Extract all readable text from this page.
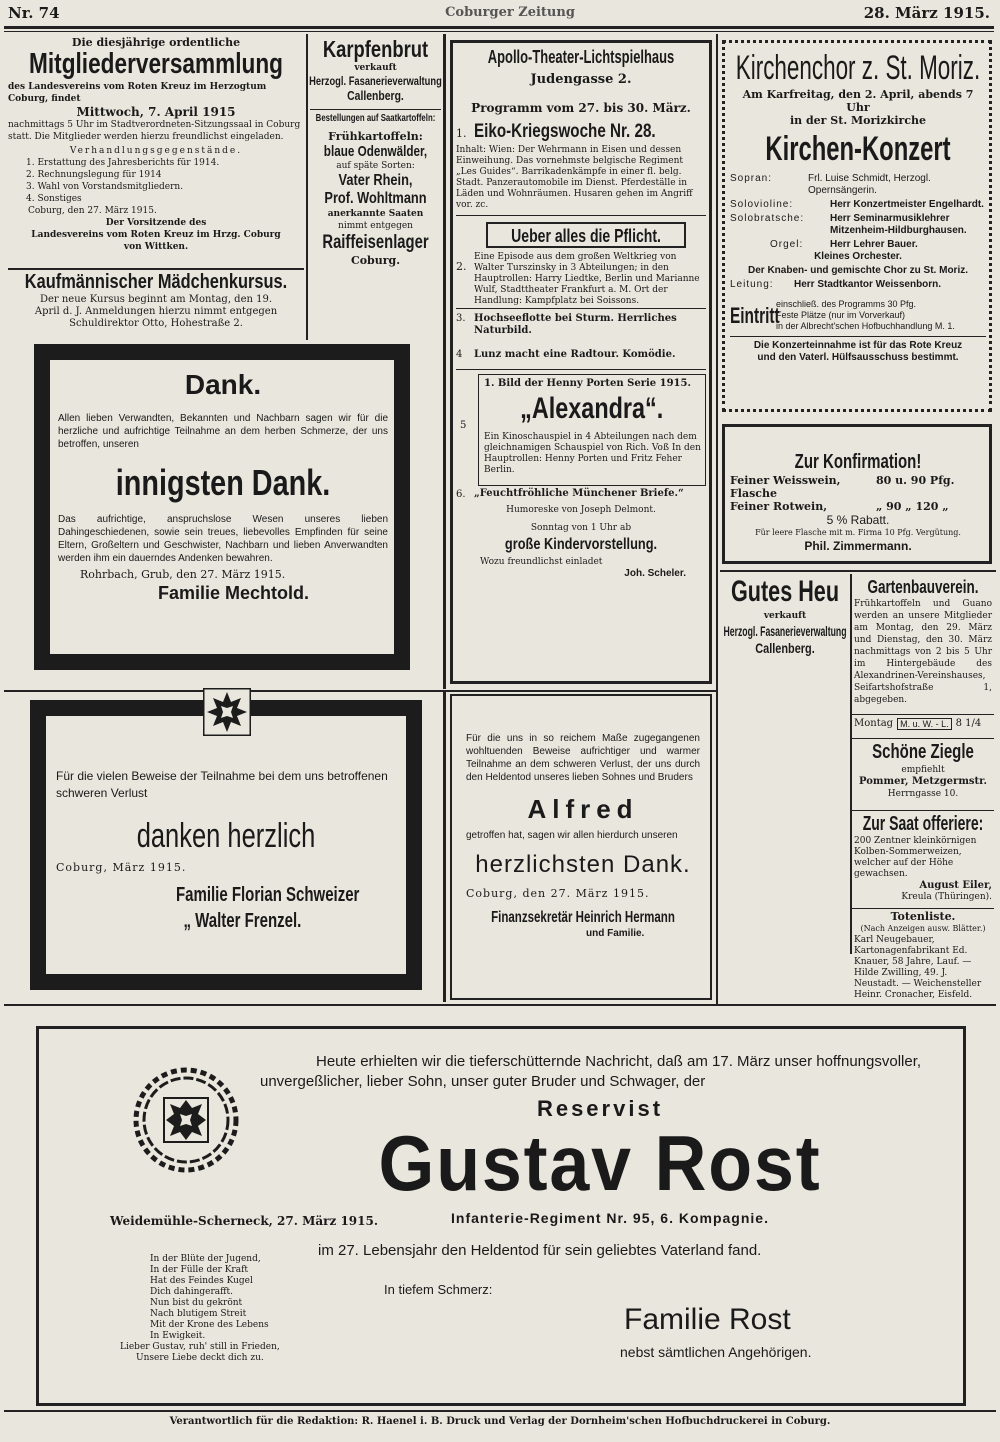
Nr. 74	Coburger Zeitung	28. März 1915.
Die diesjährige ordentliche
Mitgliederversammlung
des Landesvereins vom Roten Kreuz im Herzogtum Coburg, findet
Mittwoch, 7. April 1915
nachmittags 5 Uhr im Stadtverordneten-Sitzungssaal in Coburg statt. Die Mitglieder werden hierzu freundlichst eingeladen.
Verhandlungsgegenstände.
1. Erstattung des Jahresberichts für 1914.
2. Rechnungslegung für 1914
3. Wahl von Vorstandsmitgliedern.
4. Sonstiges
Coburg, den 27. März 1915.
Der Vorsitzende des
Landesvereins vom Roten Kreuz im Hrzg. Coburg
von Wittken.
Kaufmännischer Mädchenkursus.
Der neue Kursus beginnt am Montag, den 19.
April d. J. Anmeldungen hierzu nimmt entgegen
Schuldirektor Otto, Hohestraße 2.
Karpfenbrut
verkauft
Herzogl. Fasanerieverwaltung
Callenberg.
Bestellungen auf Saatkartoffeln:
Frühkartoffeln:
blaue Odenwälder,
auf späte Sorten:
Vater Rhein,
Prof. Wohltmann
anerkannte Saaten
nimmt entgegen
Raiffeisenlager
Coburg.
Dank.
Allen lieben Verwandten, Bekannten und Nachbarn sagen wir für die herzliche und aufrichtige Teilnahme an dem herben Schmerze, der uns betroffen, unseren
innigsten Dank.
Das aufrichtige, anspruchslose Wesen unseres lieben Dahingeschiedenen, sowie sein treues, liebevolles Empfinden für seine Eltern, Großeltern und Geschwister, Nachbarn und lieben Anverwandten werden ihm ein dauerndes Andenken bewahren.
Rohrbach, Grub, den 27. März 1915.
Familie Mechtold.
Apollo-Theater-Lichtspielhaus
Judengasse 2.
Programm vom 27. bis 30. März.
1. Eiko-Kriegswoche Nr. 28.
Inhalt: Wien: Der Wehrmann in Eisen und dessen Einweihung. Das vornehmste belgische Regiment „Les Guides“. Barrikadenkämpfe in einer fl. belg. Stadt. Panzerautomobile im Dienst. Pferdeställe in Läden und Wohnräumen. Husaren gehen im Angriff vor. zc.
2.
Ueber alles die Pflicht.
Eine Episode aus dem großen Weltkrieg von Walter Turszinsky in 3 Abteilungen; in den Hauptrollen: Harry Liedtke, Berlin und Marianne Wulf, Stadttheater Frankfurt a. M. Ort der Handlung: Kampfplatz bei Soissons.
3. Hochseeflotte bei Sturm. Herrliches Naturbild.
4 Lunz macht eine Radtour. Komödie.
5
1. Bild der Henny Porten Serie 1915.
„Alexandra“.
Ein Kinoschauspiel in 4 Abteilungen nach dem gleichnamigen Schauspiel von Rich. Voß In den Hauptrollen: Henny Porten und Fritz Feher Berlin.
6. „Feuchtfröhliche Münchener Briefe.“
Humoreske von Joseph Delmont.
Sonntag von 1 Uhr ab
große Kindervorstellung.
Wozu freundlichst einladet
Joh. Scheler.
Kirchenchor z. St. Moriz.
Am Karfreitag, den 2. April, abends 7 Uhr
in der St. Morizkirche
Kirchen-Konzert
Sopran:	Frl. Luise Schmidt, Herzogl. Opernsängerin.
Solovioline:	Herr Konzertmeister Engelhardt.
Solobratsche:	Herr Seminarmusiklehrer Mitzenheim-Hildburghausen.
Orgel:	Herr Lehrer Bauer.
Kleines Orchester.
Der Knaben- und gemischte Chor zu St. Moriz.
Leitung:	Herr Stadtkantor Weissenborn.
Eintritt
einschließ. des Programms 30 Pfg.
Feste Plätze (nur im Vorverkauf)
in der Albrecht'schen Hofbuchhandlung M. 1.
Die Konzerteinnahme ist für das Rote Kreuz
und den Vaterl. Hülfsausschuss bestimmt.
Zur Konfirmation!
Feiner Weisswein, Flasche
80 u. 90 Pfg.
Feiner Rotwein,	„ 90 „ 120 „
5 % Rabatt.
Für leere Flasche mit m. Firma 10 Pfg. Vergütung.
Phil. Zimmermann.
Gutes Heu
verkauft
Herzogl. Fasanerieverwaltung
Callenberg.
Gartenbauverein.
Frühkartoffeln und Guano werden an unsere Mitglieder am Montag, den 29. März und Dienstag, den 30. März nachmittags von 2 bis 5 Uhr im Hintergebäude des Alexandrinen-Vereinshauses, Seifartshofstraße 1, abgegeben.
Montag M. u. W. - L. 8 1/4
Schöne Ziegle
empfiehlt
Pommer, Metzgermstr.
Herrngasse 10.
Zur Saat offeriere:
200 Zentner kleinkörnigen Kolben-Sommerweizen, welcher auf der Höhe gewachsen.
August Eiler,
Kreula (Thüringen).
Totenliste.
(Nach Anzeigen ausw. Blätter.)
Karl Neugebauer, Kartonagenfabrikant Ed. Knauer, 58 Jahre, Lauf. — Hilde Zwilling, 49. J. Neustadt. — Weichensteller Heinr. Cronacher, Eisfeld.
Für die vielen Beweise der Teilnahme bei dem uns betroffenen schweren Verlust
danken herzlich
Coburg, März 1915.
Familie Florian Schweizer
„ Walter Frenzel.
Für die uns in so reichem Maße zugegangenen wohltuenden Beweise aufrichtiger und warmer Teilnahme an dem schweren Verlust, der uns durch den Heldentod unseres lieben Sohnes und Bruders
Alfred
getroffen hat, sagen wir allen hierdurch unseren
herzlichsten Dank.
Coburg, den 27. März 1915.
Finanzsekretär Heinrich Hermann
und Familie.
Heute erhielten wir die tieferschütternde Nachricht, daß am 17. März unser hoffnungsvoller,
unvergeßlicher, lieber Sohn, unser guter Bruder und Schwager, der
Reservist
Gustav Rost
Weidemühle-Scherneck, 27. März 1915.	Infanterie-Regiment Nr. 95, 6. Kompagnie.
im 27. Lebensjahr den Heldentod für sein geliebtes Vaterland fand.
In der Blüte der Jugend,
In der Fülle der Kraft
Hat des Feindes Kugel
Dich dahingerafft.
Nun bist du gekrönt
Nach blutigem Streit
Mit der Krone des Lebens
In Ewigkeit.
Lieber Gustav, ruh' still in Frieden,
Unsere Liebe deckt dich zu.
In tiefem Schmerz:
Familie Rost
nebst sämtlichen Angehörigen.
Verantwortlich für die Redaktion: R. Haenel i. B. Druck und Verlag der Dornheim'schen Hofbuchdruckerei in Coburg.
